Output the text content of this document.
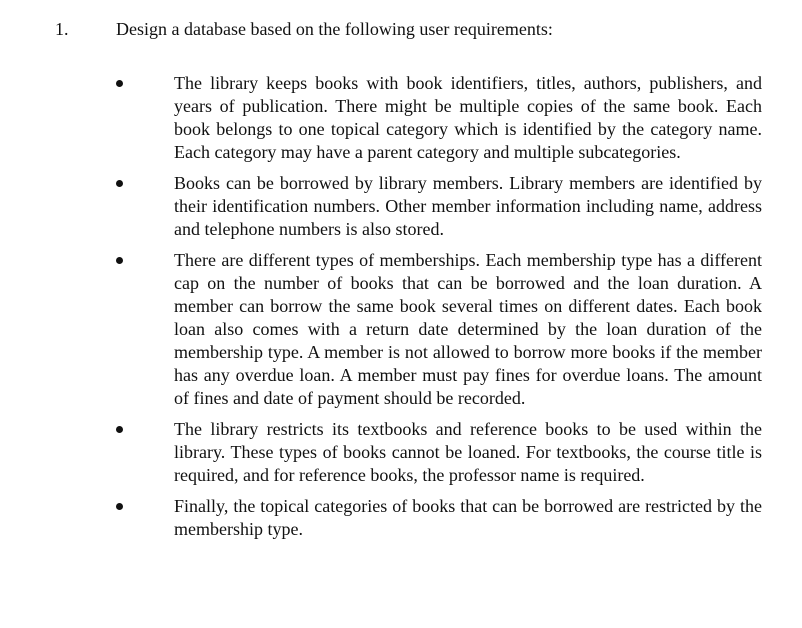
1.	Design a database based on the following user requirements:
The library keeps books with book identifiers, titles, authors, publishers, and years of publication. There might be multiple copies of the same book. Each book belongs to one topical category which is identified by the category name. Each category may have a parent category and multiple subcategories.
Books can be borrowed by library members. Library members are identified by their identification numbers. Other member information including name, address and telephone numbers is also stored.
There are different types of memberships. Each membership type has a different cap on the number of books that can be borrowed and the loan duration. A member can borrow the same book several times on different dates. Each book loan also comes with a return date determined by the loan duration of the membership type. A member is not allowed to borrow more books if the member has any overdue loan. A member must pay fines for overdue loans. The amount of fines and date of payment should be recorded.
The library restricts its textbooks and reference books to be used within the library. These types of books cannot be loaned. For textbooks, the course title is required, and for reference books, the professor name is required.
Finally, the topical categories of books that can be borrowed are restricted by the membership type.
